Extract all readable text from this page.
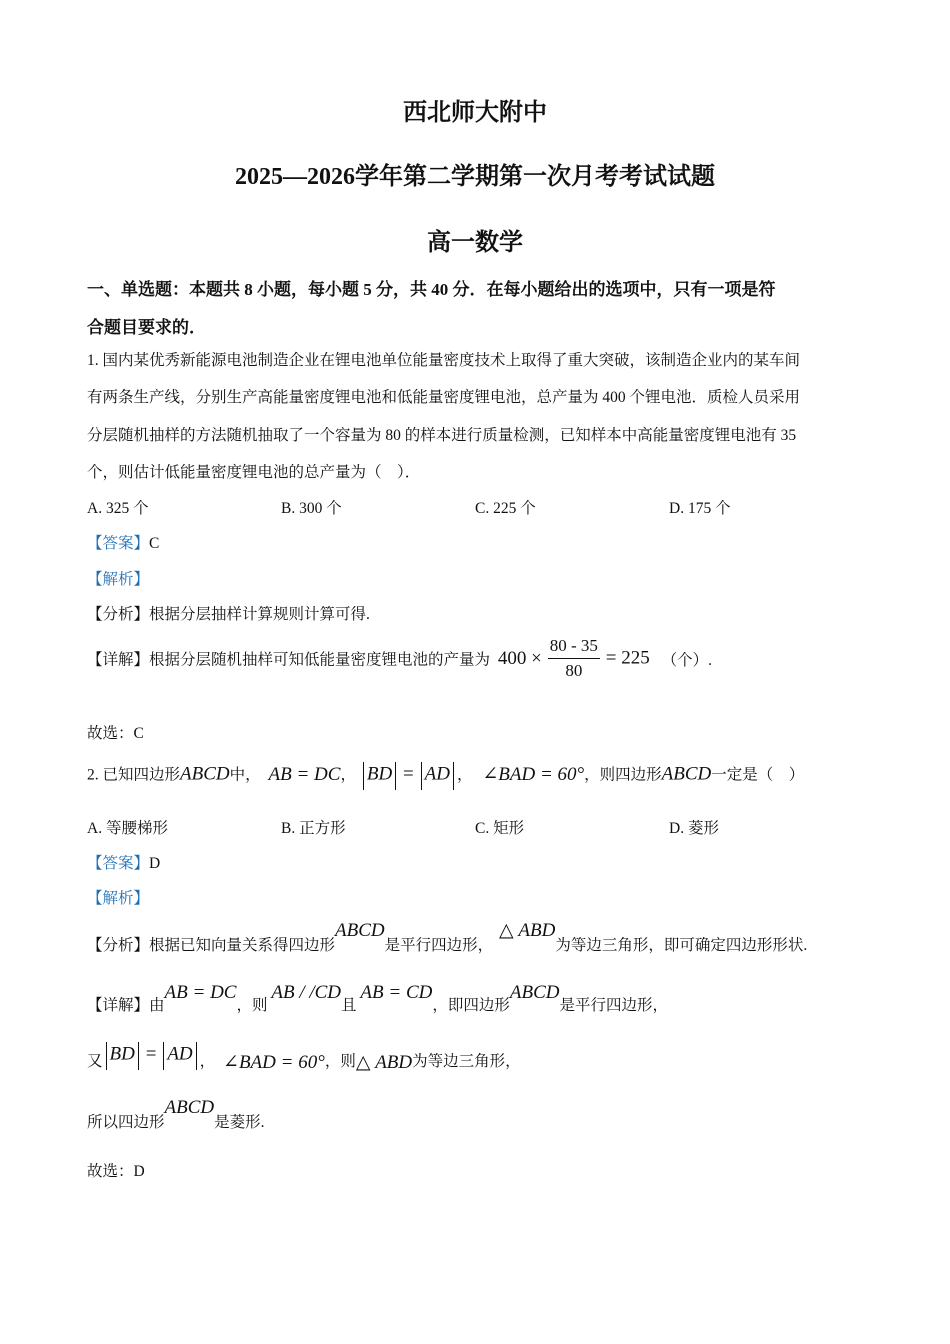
西北师大附中
2025—2026学年第二学期第一次月考考试试题
高一数学
一、单选题：本题共 8 小题，每小题 5 分，共 40 分．在每小题给出的选项中，只有一项是符
合题目要求的．
1. 国内某优秀新能源电池制造企业在锂电池单位能量密度技术上取得了重大突破，该制造企业内的某车间
有两条生产线，分别生产高能量密度锂电池和低能量密度锂电池，总产量为 400 个锂电池．质检人员采用
分层随机抽样的方法随机抽取了一个容量为 80 的样本进行质量检测，已知样本中高能量密度锂电池有 35
个，则估计低能量密度锂电池的总产量为（　）．
A. 325 个	B. 300 个	C. 225 个	D. 175 个
【答案】C
【解析】
【分析】根据分层抽样计算规则计算可得.
【详解】根据分层随机抽样可知低能量密度锂电池的产量为 $400 \times \frac{80 - 35}{80} = 225$ （个）.
故选：C
2. 已知四边形ABCD中， AB = DC， BD = AD ， ∠BAD = 60°，则四边形ABCD一定是（　）
A. 等腰梯形	B. 正方形	C. 矩形	D. 菱形
【答案】D
【解析】
【分析】根据已知向量关系得四边形ABCD是平行四边形， △ ABD为等边三角形，即可确定四边形形状.
【详解】由AB = DC，则 AB / /CD且 AB = CD，即四边形ABCD是平行四边形，
又 BD = AD ， ∠BAD = 60°，则△ ABD为等边三角形，
所以四边形ABCD是菱形.
故选：D
